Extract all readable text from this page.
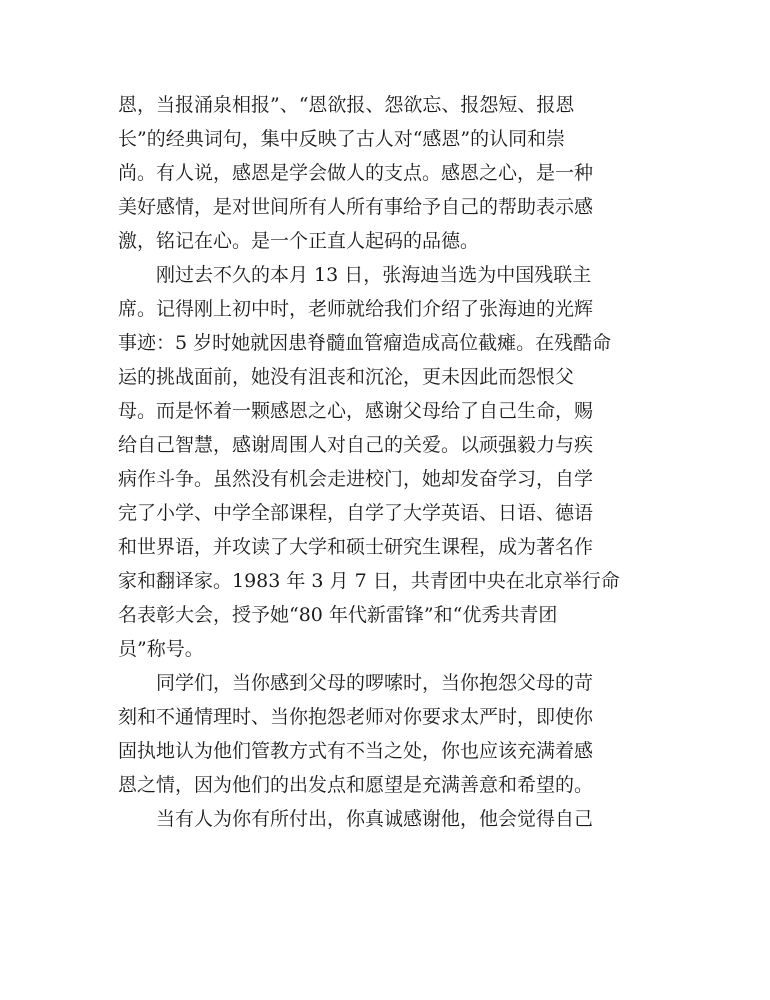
恩，当报涌泉相报”、“恩欲报、怨欲忘、报怨短、报恩
长”的经典词句，集中反映了古人对“感恩”的认同和崇
尚。有人说，感恩是学会做人的支点。感恩之心，是一种
美好感情，是对世间所有人所有事给予自己的帮助表示感
激，铭记在心。是一个正直人起码的品德。
刚过去不久的本月 13 日，张海迪当选为中国残联主
席。记得刚上初中时，老师就给我们介绍了张海迪的光辉
事迹：5 岁时她就因患脊髓血管瘤造成高位截瘫。在残酷命
运的挑战面前，她没有沮丧和沉沦，更未因此而怨恨父
母。而是怀着一颗感恩之心，感谢父母给了自己生命，赐
给自己智慧，感谢周围人对自己的关爱。以顽强毅力与疾
病作斗争。虽然没有机会走进校门，她却发奋学习，自学
完了小学、中学全部课程，自学了大学英语、日语、德语
和世界语，并攻读了大学和硕士研究生课程，成为著名作
家和翻译家。1983 年 3 月 7 日，共青团中央在北京举行命
名表彰大会，授予她“80 年代新雷锋”和“优秀共青团
员”称号。
同学们，当你感到父母的啰嗦时，当你抱怨父母的苛
刻和不通情理时、当你抱怨老师对你要求太严时，即使你
固执地认为他们管教方式有不当之处，你也应该充满着感
恩之情，因为他们的出发点和愿望是充满善意和希望的。
当有人为你有所付出，你真诚感谢他，他会觉得自己
